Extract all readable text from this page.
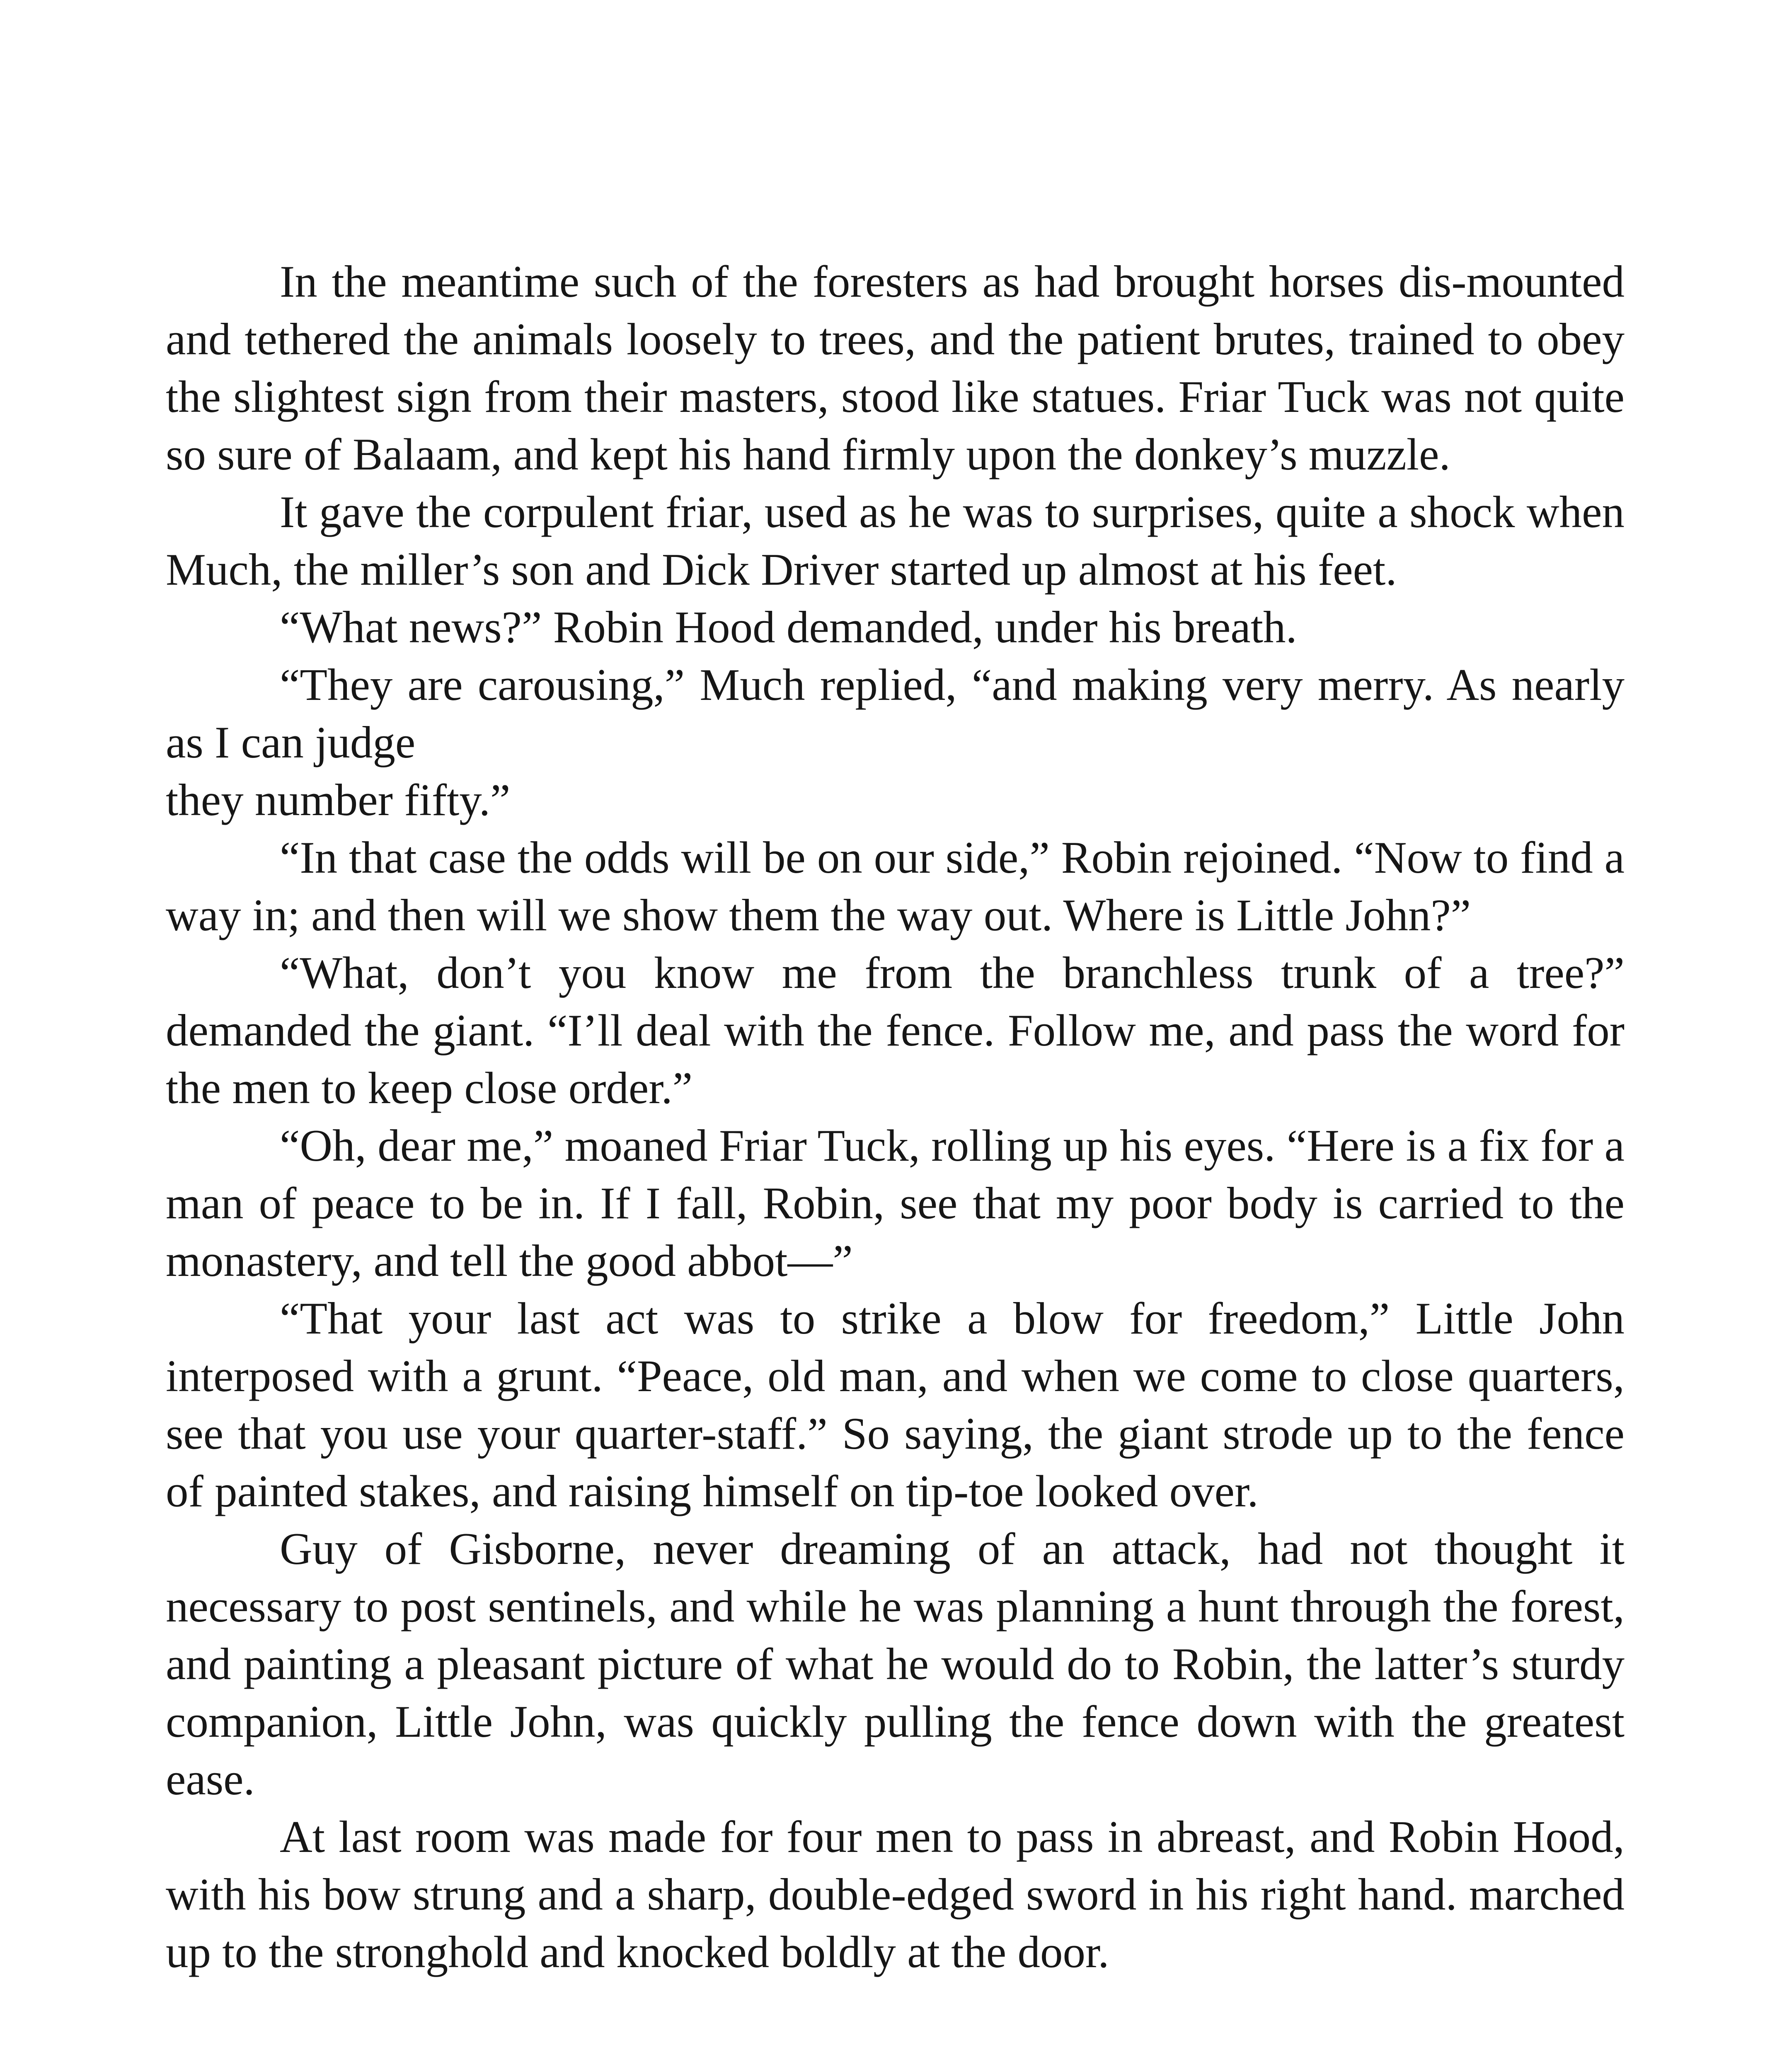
In the meantime such of the foresters as had brought horses dis-mounted and tethered the animals loosely to trees, and the patient brutes, trained to obey the slightest sign from their masters, stood like statues. Friar Tuck was not quite so sure of Balaam, and kept his hand firmly upon the donkey’s muzzle.

It gave the corpulent friar, used as he was to surprises, quite a shock when Much, the miller’s son and Dick Driver started up almost at his feet.

“What news?” Robin Hood demanded, under his breath.

“They are carousing,” Much replied, “and making very merry. As nearly as I can judge

they number fifty.”

“In that case the odds will be on our side,” Robin rejoined. “Now to find a way in; and then will we show them the way out. Where is Little John?”

“What, don’t you know me from the branchless trunk of a tree?” demanded the giant. “I’ll deal with the fence. Follow me, and pass the word for the men to keep close order.”

“Oh, dear me,” moaned Friar Tuck, rolling up his eyes. “Here is a fix for a man of peace to be in. If I fall, Robin, see that my poor body is carried to the monastery, and tell the good abbot—”

“That your last act was to strike a blow for freedom,” Little John interposed with a grunt. “Peace, old man, and when we come to close quarters, see that you use your quarter-staff.” So saying, the giant strode up to the fence of painted stakes, and raising himself on tip-toe looked over.

Guy of Gisborne, never dreaming of an attack, had not thought it necessary to post sentinels, and while he was planning a hunt through the forest, and painting a pleasant picture of what he would do to Robin, the latter’s sturdy companion, Little John, was quickly pulling the fence down with the greatest ease.

At last room was made for four men to pass in abreast, and Robin Hood, with his bow strung and a sharp, double-edged sword in his right hand. marched up to the stronghold and knocked boldly at the door.
